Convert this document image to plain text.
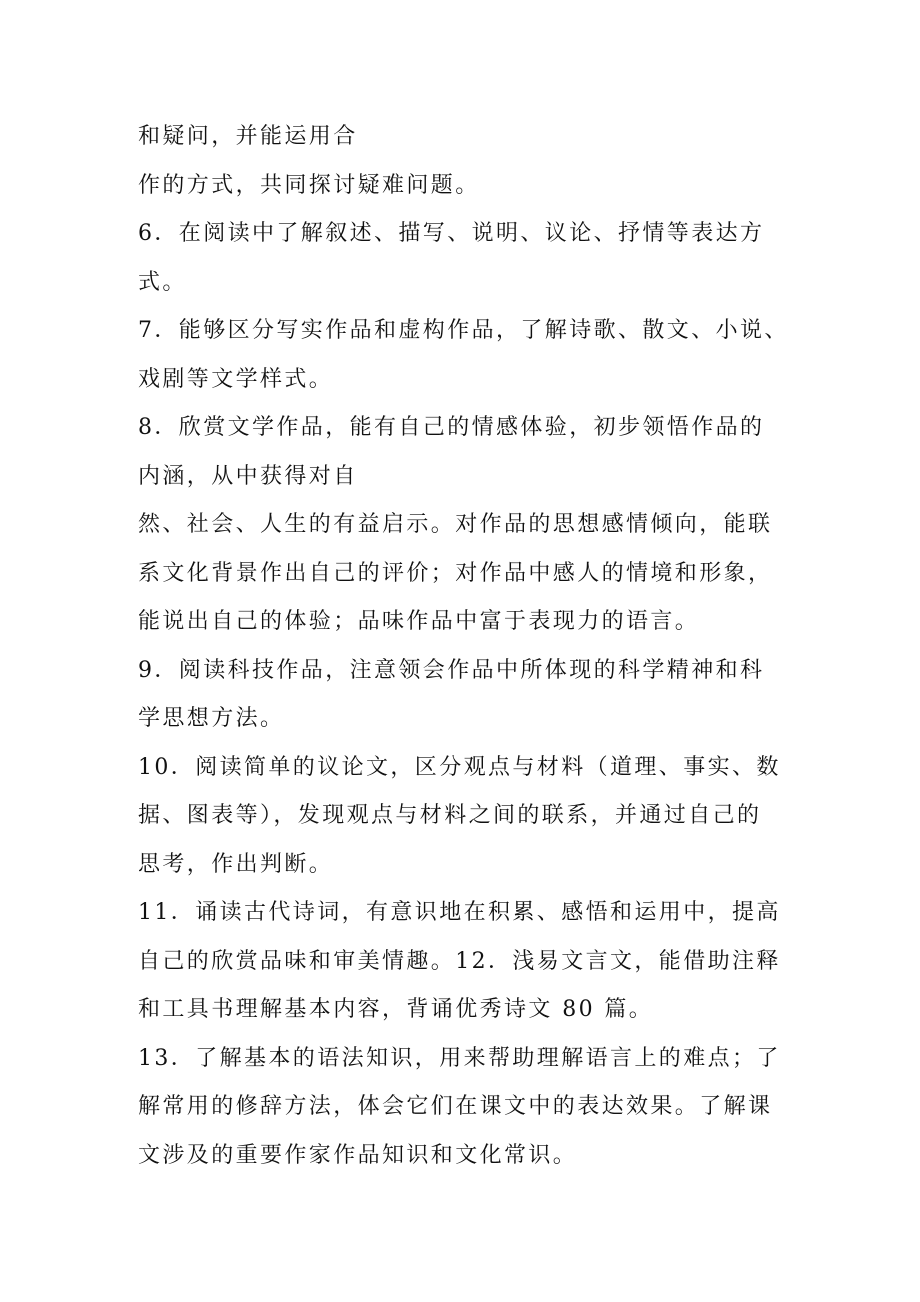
和疑问，并能运用合

作的方式，共同探讨疑难问题。

6．在阅读中了解叙述、描写、说明、议论、抒情等表达方

式。

7．能够区分写实作品和虚构作品，了解诗歌、散文、小说、

戏剧等文学样式。

8．欣赏文学作品，能有自己的情感体验，初步领悟作品的

内涵，从中获得对自

然、社会、人生的有益启示。对作品的思想感情倾向，能联

系文化背景作出自己的评价；对作品中感人的情境和形象，

能说出自己的体验；品味作品中富于表现力的语言。

9．阅读科技作品，注意领会作品中所体现的科学精神和科

学思想方法。

10．阅读简单的议论文，区分观点与材料（道理、事实、数

据、图表等），发现观点与材料之间的联系，并通过自己的

思考，作出判断。

11．诵读古代诗词，有意识地在积累、感悟和运用中，提高

自己的欣赏品味和审美情趣。12．浅易文言文，能借助注释

和工具书理解基本内容，背诵优秀诗文 80 篇。

13．了解基本的语法知识，用来帮助理解语言上的难点；了

解常用的修辞方法，体会它们在课文中的表达效果。了解课

文涉及的重要作家作品知识和文化常识。
